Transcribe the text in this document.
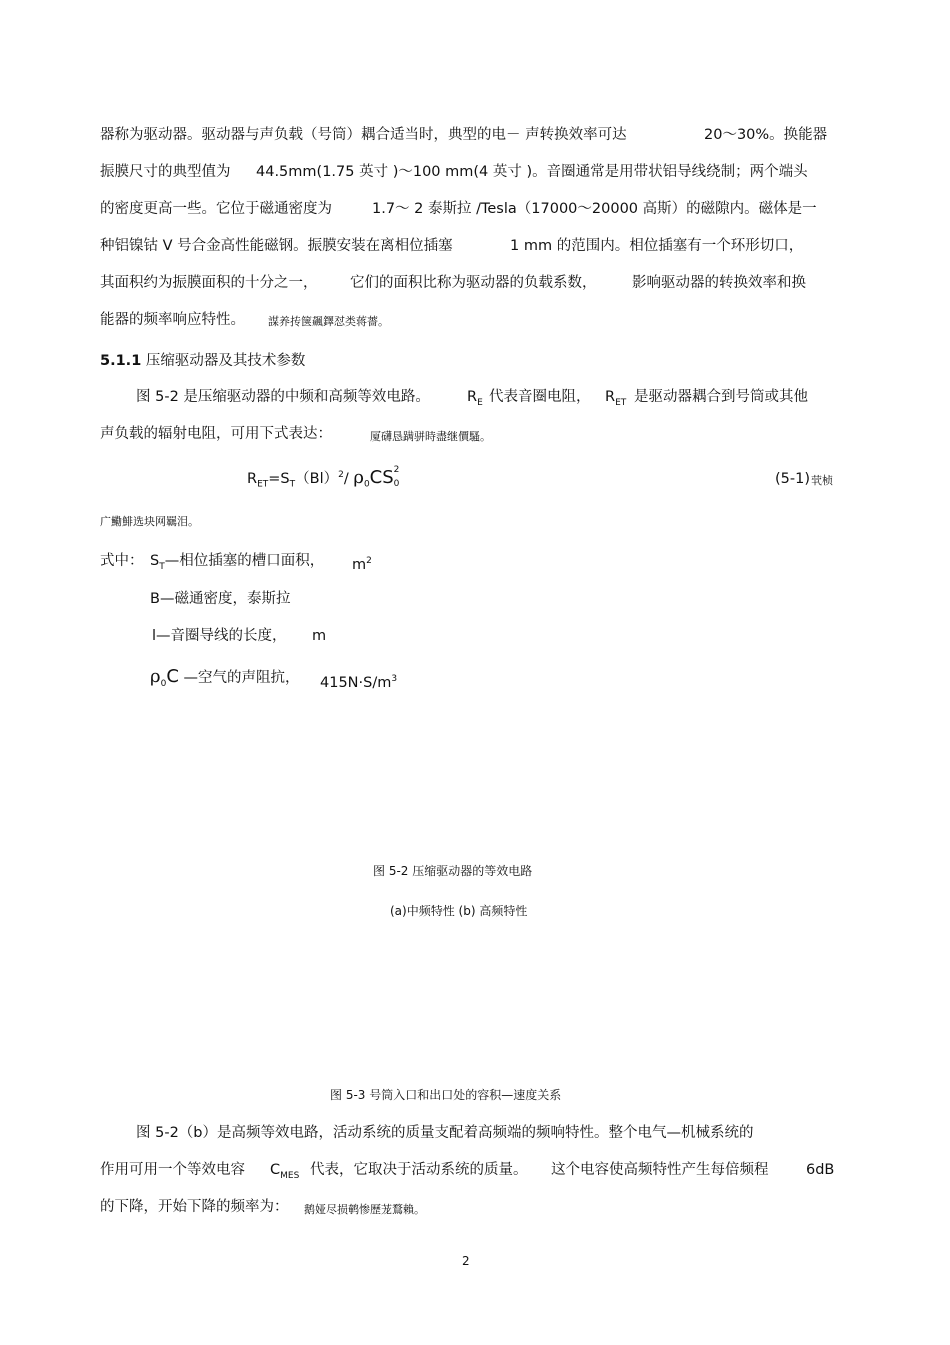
器称为驱动器。驱动器与声负载（号筒）耦合适当时，典型的电－ 声转换效率可达	20～30%。换能器
振膜尺寸的典型值为 44.5mm(1.75 英寸 )～100 mm(4 英寸 )。音圈通常是用带状铝导线绕制；两个端头
的密度更高一些。它位于磁通密度为	1.7～ 2 泰斯拉 /Tesla（17000～20000 高斯）的磁隙内。磁体是一
种铝镍钴 V 号合金高性能磁钢。振膜安装在离相位插塞	1 mm 的范围内。相位插塞有一个环形切口，
其面积约为振膜面积的十分之一， 它们的面积比称为驱动器的负载系数， 影响驱动器的转换效率和换
能器的频率响应特性。 謀养抟箧飆鐸怼类蒋薔。
5.1.1 压缩驱动器及其技术参数
图 5-2 是压缩驱动器的中频和高频等效电路。	$R_E$ 代表音圈电阻， $R_{ET}$ 是驱动器耦合到号筒或其他
声负载的辐射电阻，可用下式表达：	厦礴恳蹒骈時盡继價騷。
$R_{ET}=S_T(Bl)^2/$ $\rho_0CS$ 2
0	(5-1) 茕桢
广鰳鯡选块网羈泪。
式中： $S_T—$相位插塞的槽口面积， $m^2$
B—磁通密度，泰斯拉
l—音圈导线的长度， m
$\rho_0C$ —空气的声阻抗， $415N\cdot S/m^3$
图 5-2 压缩驱动器的等效电路
(a)中频特性 (b) 高频特性
图 5-3 号筒入口和出口处的容积—速度关系
图 5-2（b）是高频等效电路，活动系统的质量支配着高频端的频响特性。整个电气—机械系统的
作用可用一个等效电容 $C_{MES}$ 代表，它取决于活动系统的质量。 这个电容使高频特性产生每倍频程	6dB
的下降，开始下降的频率为： 鹅娅尽损鹌惨歷茏鶩賴。
2
